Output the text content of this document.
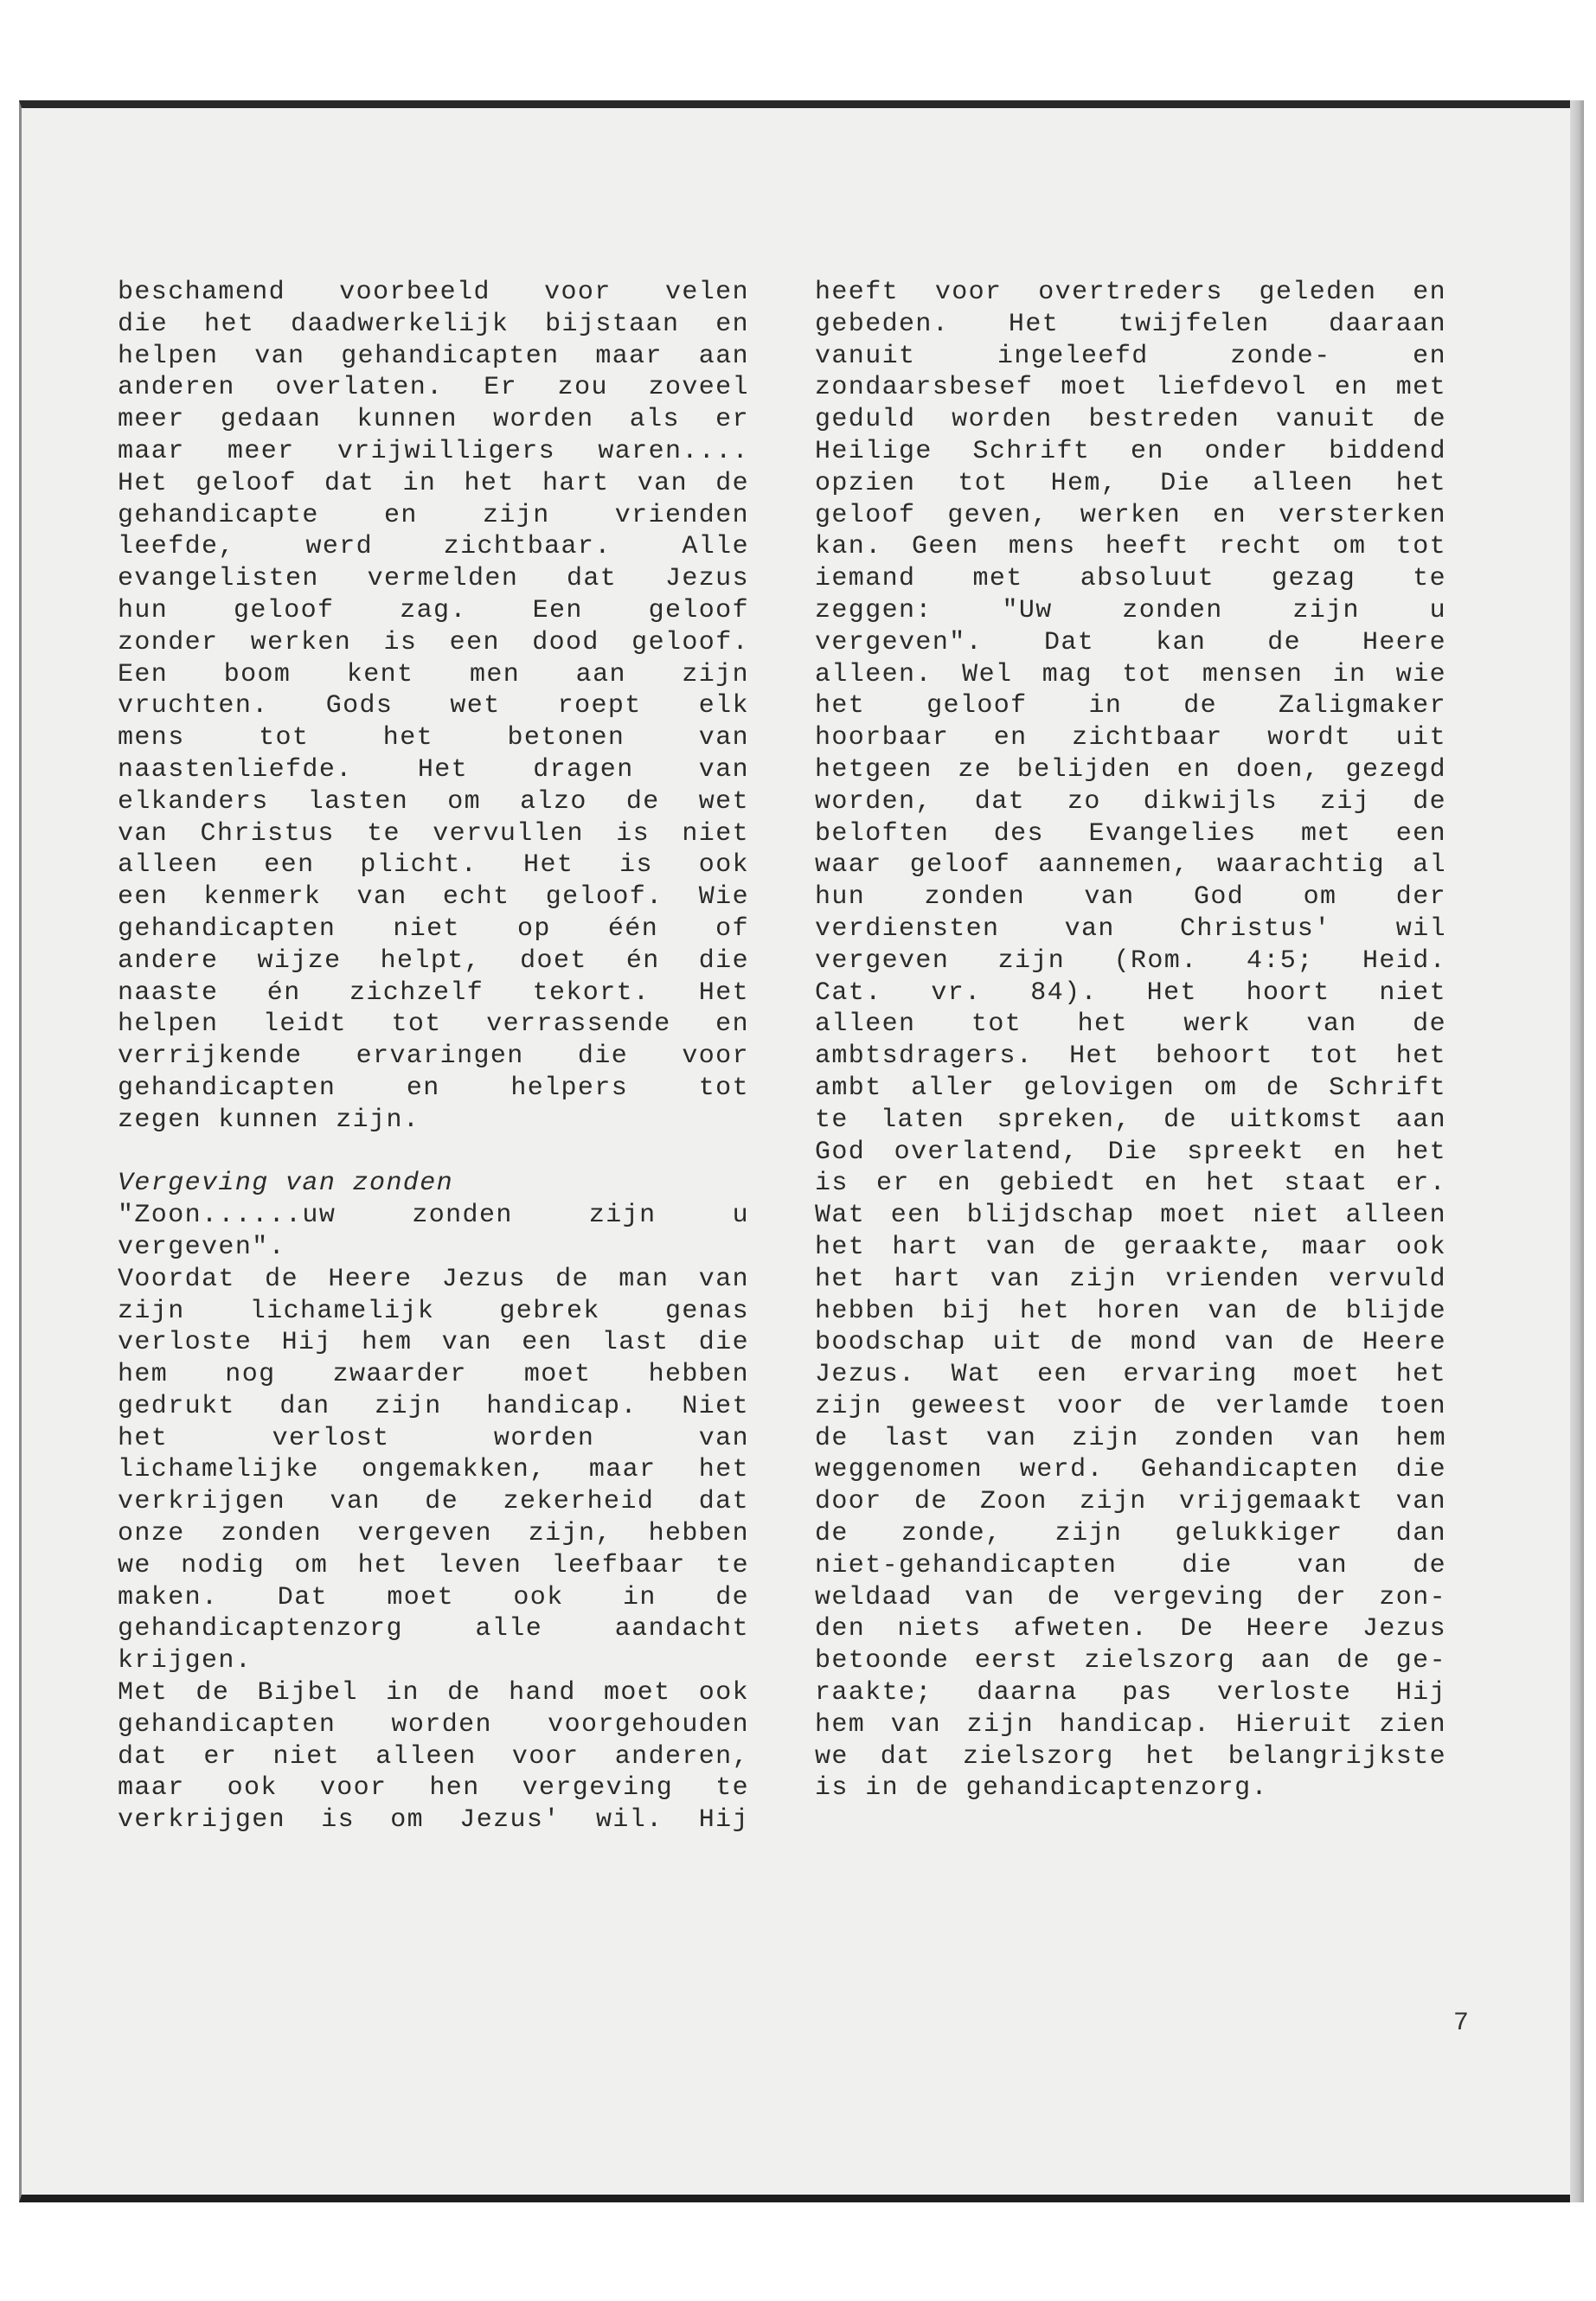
beschamend voorbeeld voor velen
die het daadwerkelijk bijstaan en
helpen van gehandicapten maar aan
anderen overlaten. Er zou zoveel
meer gedaan kunnen worden als er
maar meer vrijwilligers waren....
Het geloof dat in het hart van de
gehandicapte en zijn vrienden
leefde, werd zichtbaar. Alle
evangelisten vermelden dat Jezus
hun geloof zag. Een geloof
zonder werken is een dood geloof.
Een boom kent men aan zijn
vruchten. Gods wet roept elk
mens tot het betonen van
naastenliefde. Het dragen van
elkanders lasten om alzo de wet
van Christus te vervullen is niet
alleen een plicht. Het is ook
een kenmerk van echt geloof. Wie
gehandicapten niet op één of
andere wijze helpt, doet én die
naaste én zichzelf tekort. Het
helpen leidt tot verrassende en
verrijkende ervaringen die voor
gehandicapten en helpers tot
zegen kunnen zijn.
Vergeving van zonden
"Zoon......uw zonden zijn u
vergeven".
Voordat de Heere Jezus de man van
zijn lichamelijk gebrek genas
verloste Hij hem van een last die
hem nog zwaarder moet hebben
gedrukt dan zijn handicap. Niet
het verlost worden van
lichamelijke ongemakken, maar het
verkrijgen van de zekerheid dat
onze zonden vergeven zijn, hebben
we nodig om het leven leefbaar te
maken. Dat moet ook in de
gehandicaptenzorg alle aandacht
krijgen.
Met de Bijbel in de hand moet ook
gehandicapten worden voorgehouden
dat er niet alleen voor anderen,
maar ook voor hen vergeving te
verkrijgen is om Jezus' wil. Hij
heeft voor overtreders geleden en
gebeden. Het twijfelen daaraan
vanuit ingeleefd zonde- en
zondaarsbesef moet liefdevol en met
geduld worden bestreden vanuit de
Heilige Schrift en onder biddend
opzien tot Hem, Die alleen het
geloof geven, werken en versterken
kan. Geen mens heeft recht om tot
iemand met absoluut gezag te
zeggen: "Uw zonden zijn u
vergeven". Dat kan de Heere
alleen. Wel mag tot mensen in wie
het geloof in de Zaligmaker
hoorbaar en zichtbaar wordt uit
hetgeen ze belijden en doen, gezegd
worden, dat zo dikwijls zij de
beloften des Evangelies met een
waar geloof aannemen, waarachtig al
hun zonden van God om der
verdiensten van Christus' wil
vergeven zijn (Rom. 4:5; Heid.
Cat. vr. 84). Het hoort niet
alleen tot het werk van de
ambtsdragers. Het behoort tot het
ambt aller gelovigen om de Schrift
te laten spreken, de uitkomst aan
God overlatend, Die spreekt en het
is er en gebiedt en het staat er.
Wat een blijdschap moet niet alleen
het hart van de geraakte, maar ook
het hart van zijn vrienden vervuld
hebben bij het horen van de blijde
boodschap uit de mond van de Heere
Jezus. Wat een ervaring moet het
zijn geweest voor de verlamde toen
de last van zijn zonden van hem
weggenomen werd. Gehandicapten die
door de Zoon zijn vrijgemaakt van
de zonde, zijn gelukkiger dan
niet-gehandicapten die van de
weldaad van de vergeving der zon-
den niets afweten. De Heere Jezus
betoonde eerst zielszorg aan de ge-
raakte; daarna pas verloste Hij
hem van zijn handicap. Hieruit zien
we dat zielszorg het belangrijkste
is in de gehandicaptenzorg.
7
